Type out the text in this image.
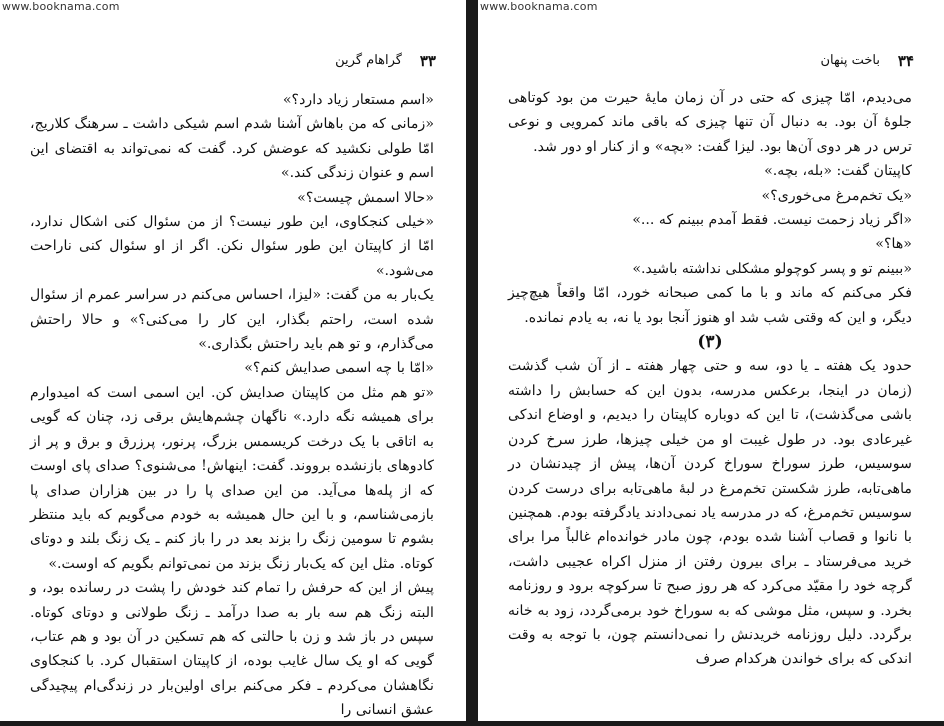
www.booknama.com
۳۳
گراهام گرین

«اسم مستعار زیاد دارد؟»

«زمانی که من باهاش آشنا شدم اسم شیکی داشت ـ سرهنگ کلاریج، امّا طولی نکشید که عوضش کرد. گفت که نمی‌تواند به اقتضای این اسم و عنوان زندگی کند.»

«حالا اسمش چیست؟»

«خیلی کنجکاوی، این طور نیست؟ از من سئوال کنی اشکال ندارد، امّا از کاپیتان این طور سئوال نکن. اگر از او سئوال کنی ناراحت می‌شود.»

یک‌بار به من گفت: «لیزا، احساس می‌کنم در سراسر عمرم از سئوال شده است، راحتم بگذار، این کار را می‌کنی؟» و حالا راحتش می‌گذارم، و تو هم باید راحتش بگذاری.»

«امّا با چه اسمی صدایش کنم؟»

«تو هم مثل من کاپیتان صدایش کن. این اسمی است که امیدوارم برای همیشه نگه دارد.» ناگهان چشم‌هایش برقی زد، چنان که گویی به اتاقی با یک درخت کریسمس بزرگ، پرنور، پرزرق و برق و پر از کادوهای بازنشده برووند. گفت: اینهاش! می‌شنوی؟ صدای پای اوست که از پله‌ها می‌آید. من این صدای پا را در بین هزاران صدای پا بازمی‌شناسم، و با این حال همیشه به خودم می‌گویم که باید منتظر بشوم تا سومین زنگ را بزند بعد در را باز کنم ـ یک زنگ بلند و دوتای کوتاه. مثل این که یک‌بار زنگ بزند من نمی‌توانم بگویم که اوست.»

پیش از این که حرفش را تمام کند خودش را پشت در رسانده بود، و البته زنگ هم سه بار به صدا درآمد ـ زنگ طولانی و دوتای کوتاه. سپس در باز شد و زن با حالتی که هم تسکین در آن بود و هم عتاب، گویی که او یک سال غایب بوده، از کاپیتان استقبال کرد. با کنجکاوی نگاهشان می‌کردم ـ فکر می‌کنم برای اولین‌بار در زندگی‌ام پیچیدگی عشق انسانی را

www.booknama.com
۳۴
باخت پنهان

می‌دیدم، امّا چیزی که حتی در آن زمان مایهٔ حیرت من بود کوتاهی جلوهٔ آن بود. به دنبال آن تنها چیزی که باقی ماند کمرویی و نوعی ترس در هر دوی آن‌ها بود. لیزا گفت: «بچه» و از کنار او دور شد.

کاپیتان گفت: «بله، بچه.»

«یک تخم‌مرغ می‌خوری؟»

«اگر زیاد زحمت نیست. فقط آمدم ببینم که ...»

«ها؟»

«ببینم تو و پسر کوچولو مشکلی نداشته باشید.»

فکر می‌کنم که ماند و با ما کمی صبحانه خورد، امّا واقعاً هیچ‌چیز دیگر، و این که وقتی شب شد او هنوز آنجا بود یا نه، به یادم نمانده.

(۳)

حدود یک هفته ـ یا دو، سه و حتی چهار هفته ـ از آن شب گذشت (زمان در اینجا، برعکس مدرسه، بدون این که حسابش را داشته باشی می‌گذشت)، تا این که دوباره کاپیتان را دیدیم، و اوضاع اندکی غیرعادی بود. در طول غیبت او من خیلی چیزها، طرز سرخ کردن سوسیس، طرز سوراخ سوراخ کردن آن‌ها، پیش از چیدنشان در ماهی‌تابه، طرز شکستن تخم‌مرغ در لبهٔ ماهی‌تابه برای درست کردن سوسیس تخم‌مرغ، که در مدرسه یاد نمی‌دادند یادگرفته بودم. همچنین با نانوا و قصاب آشنا شده بودم، چون مادر خوانده‌ام غالباً مرا برای خرید می‌فرستاد ـ برای بیرون رفتن از منزل اکراه عجیبی داشت، گرچه خود را مقیّد می‌کرد که هر روز صبح تا سرکوچه برود و روزنامه بخرد. و سپس، مثل موشی که به سوراخ خود برمی‌گردد، زود به خانه برگردد. دلیل روزنامه خریدنش را نمی‌دانستم چون، با توجه به وقت اندکی که برای خواندن هرکدام صرف
